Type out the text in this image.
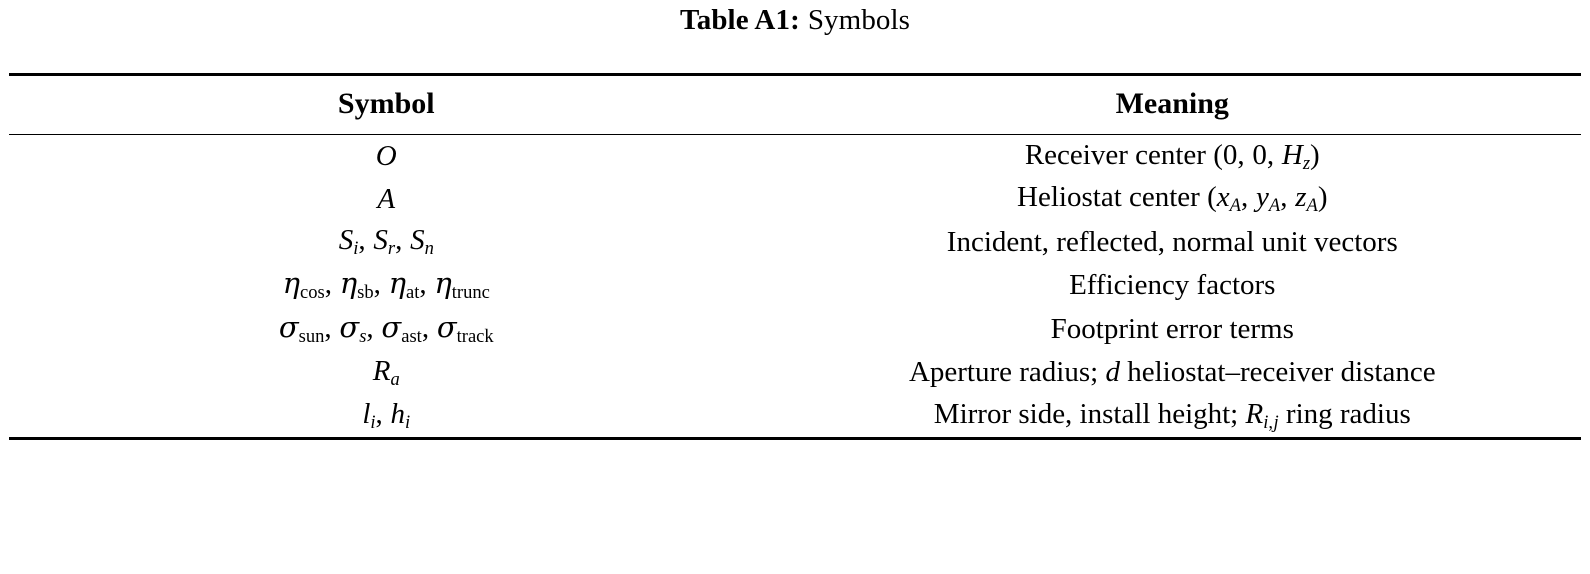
Table A1: Symbols
Symbol	Meaning
O	Receiver center (0, 0, $H_z$)
A	Heliostat center ($x_A$, $y_A$, $z_A$)
$S_i$, $S_r$, $S_n$	Incident, reflected, normal unit vectors
$\eta_{cos}$, $\eta_{sb}$, $\eta_{at}$, $\eta_{trunc}$	Efficiency factors
$\sigma_{sun}$, $\sigma_s$, $\sigma_{ast}$, $\sigma_{track}$	Footprint error terms
$R_a$	Aperture radius; d heliostat–receiver distance
$l_i$, $h_i$	Mirror side, install height; $R_{i,j}$ ring radius
